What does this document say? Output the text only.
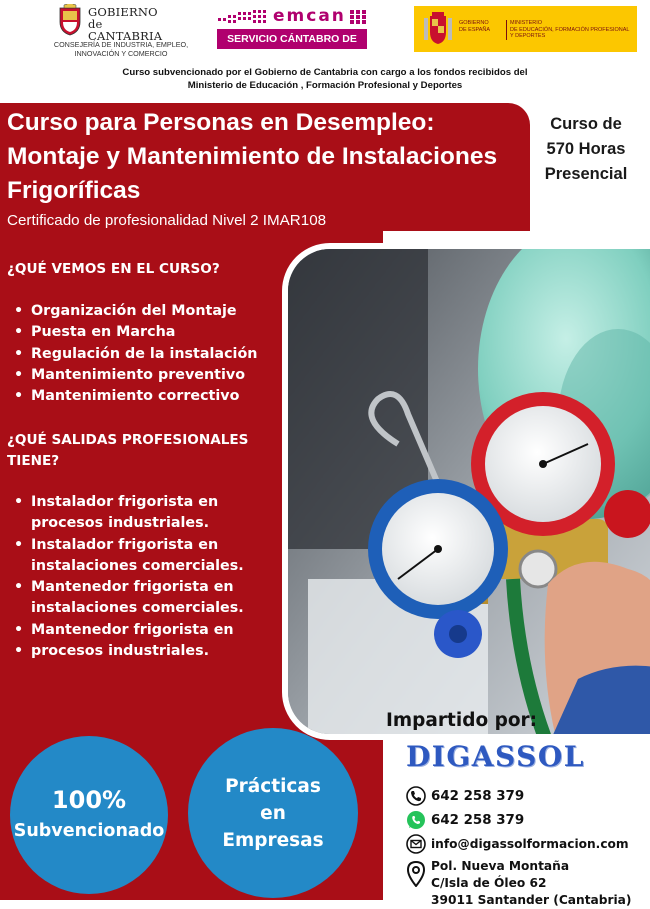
GOBIERNO
de
CANTABRIA
CONSEJERÍA DE INDUSTRIA, EMPLEO,
INNOVACIÓN Y COMERCIO
emcan
SERVICIO CÁNTABRO DE EMPLEO
GOBIERNO
DE ESPAÑA
MINISTERIO
DE EDUCACIÓN, FORMACIÓN PROFESIONAL
Y DEPORTES
Curso subvencionado por el Gobierno de Cantabria con cargo a los fondos recibidos del
Ministerio de Educación , Formación Profesional y Deportes
Curso para Personas en Desempleo:
Montaje y Mantenimiento de Instalaciones
Frigoríficas
Certificado de profesionalidad Nivel 2 IMAR108
Curso de
570 Horas
Presencial
¿QUÉ VEMOS EN EL CURSO?
• Organización del Montaje
• Puesta en Marcha
• Regulación de la instalación
• Mantenimiento preventivo
• Mantenimiento correctivo
¿QUÉ SALIDAS PROFESIONALES
TIENE?
• Instalador frigorista en
procesos industriales.
• Instalador frigorista en
instalaciones comerciales.
• Mantenedor frigorista en
instalaciones comerciales.
• Mantenedor frigorista en
• procesos industriales.
100%
Subvencionado
Prácticas
en
Empresas
Impartido por:
DIGASSOL
642 258 379
642 258 379
info@digassolformacion.com
Pol. Nueva Montaña
C/Isla de Óleo 62
39011 Santander (Cantabria)
